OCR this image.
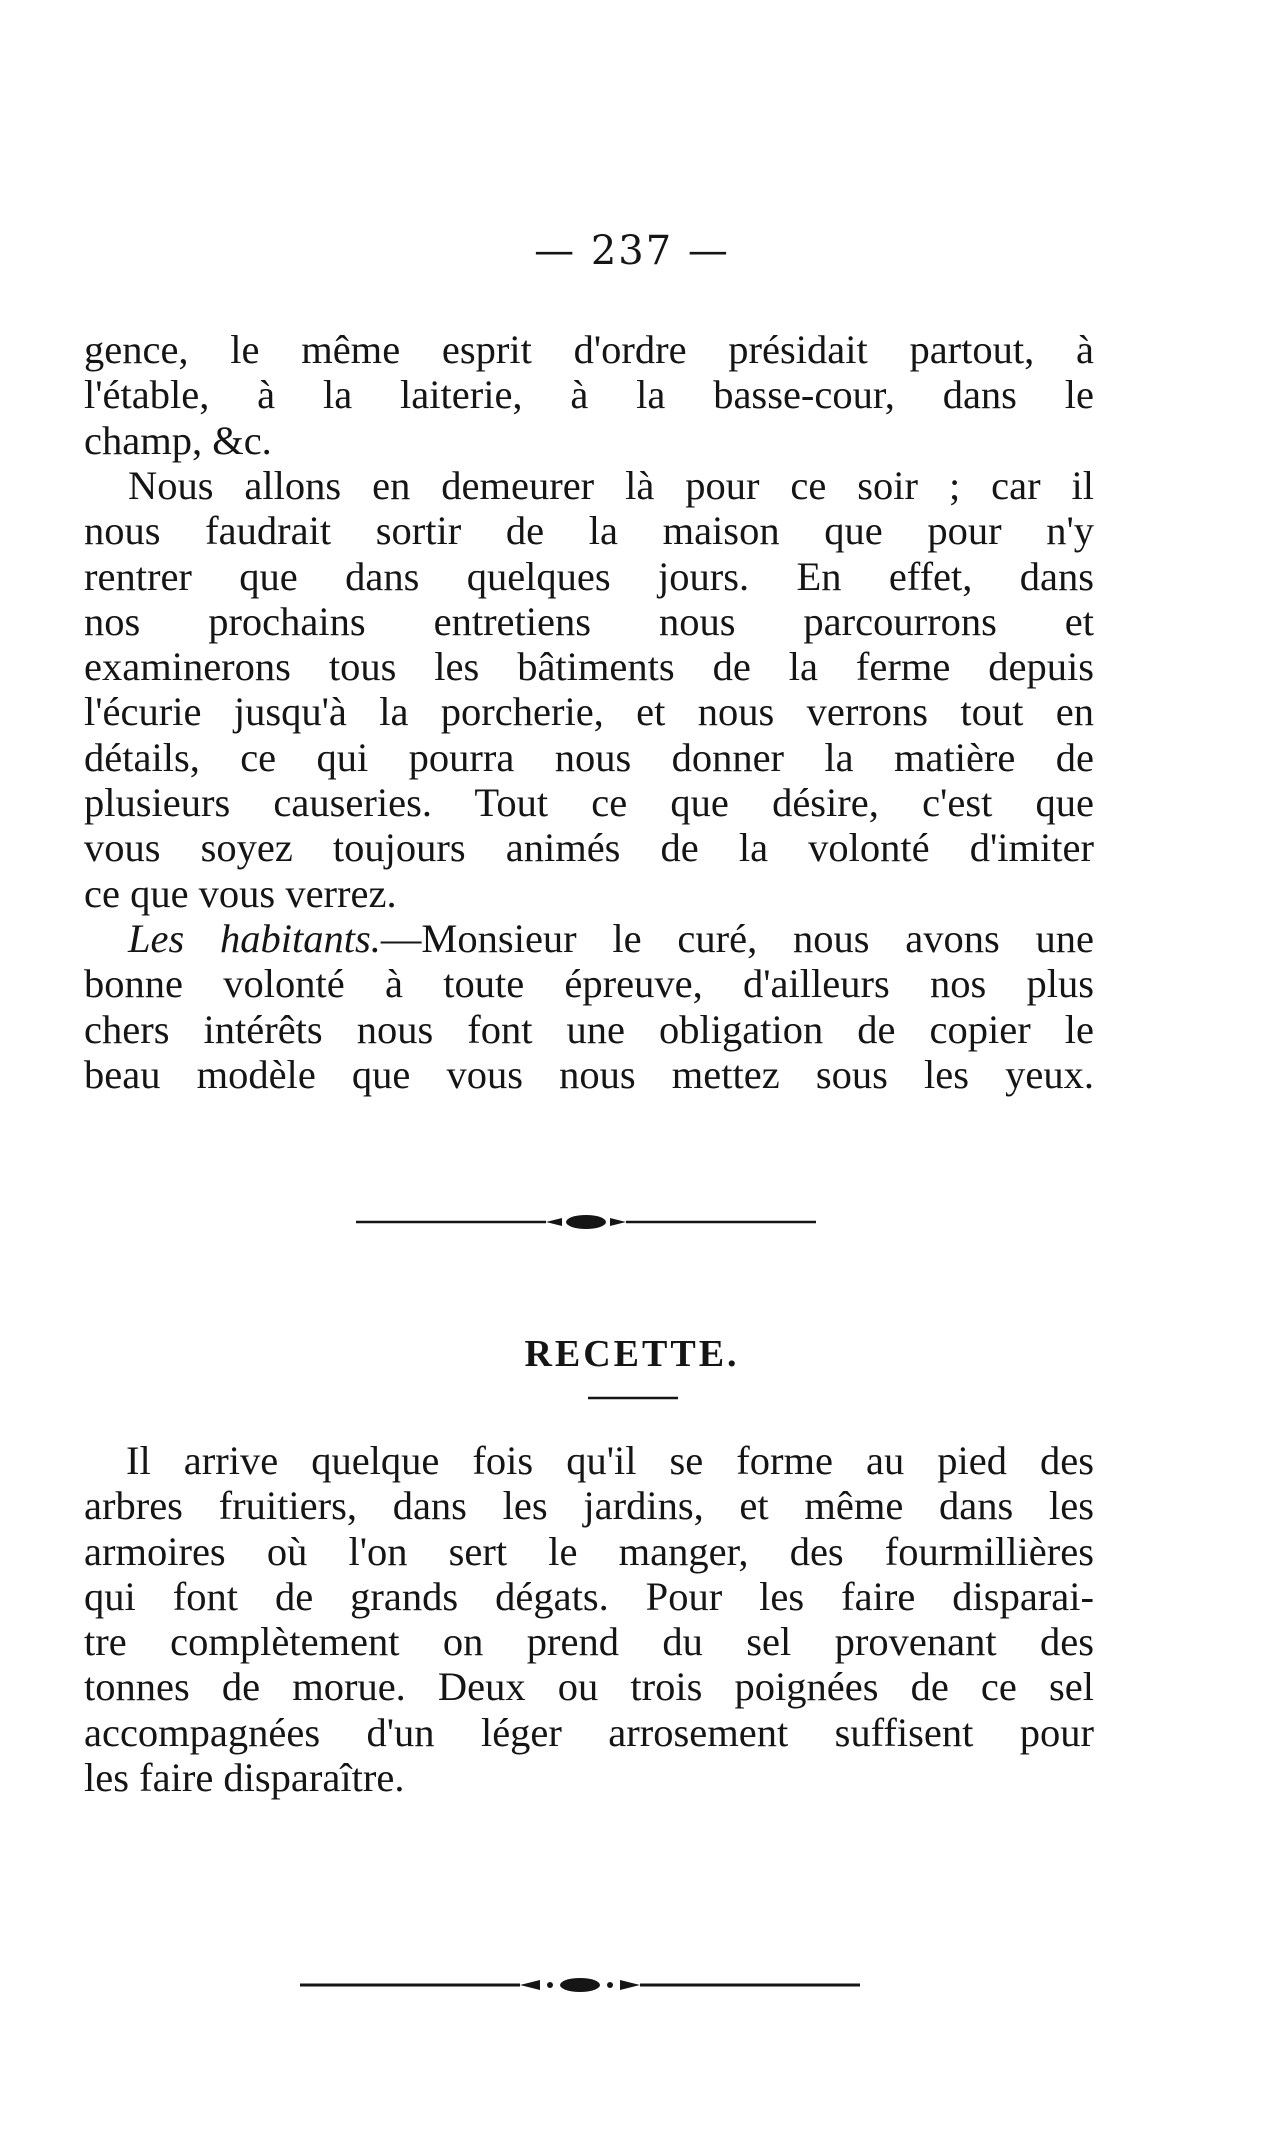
— 237 —
gence, le même esprit d'ordre présidait partout, à
l'étable, à la laiterie, à la basse-cour, dans le
champ, &c.
Nous allons en demeurer là pour ce soir ; car il
nous faudrait sortir de la maison que pour n'y
rentrer que dans quelques jours. En effet, dans
nos prochains entretiens nous parcourrons et
examinerons tous les bâtiments de la ferme depuis
l'écurie jusqu'à la porcherie, et nous verrons tout en
détails, ce qui pourra nous donner la matière de
plusieurs causeries. Tout ce que désire, c'est que
vous soyez toujours animés de la volonté d'imiter
ce que vous verrez.
Les habitants.—Monsieur le curé, nous avons une
bonne volonté à toute épreuve, d'ailleurs nos plus
chers intérêts nous font une obligation de copier le
beau modèle que vous nous mettez sous les yeux.
RECETTE.
Il arrive quelque fois qu'il se forme au pied des
arbres fruitiers, dans les jardins, et même dans les
armoires où l'on sert le manger, des fourmillières
qui font de grands dégats. Pour les faire disparai-
tre complètement on prend du sel provenant des
tonnes de morue. Deux ou trois poignées de ce sel
accompagnées d'un léger arrosement suffisent pour
les faire disparaître.
